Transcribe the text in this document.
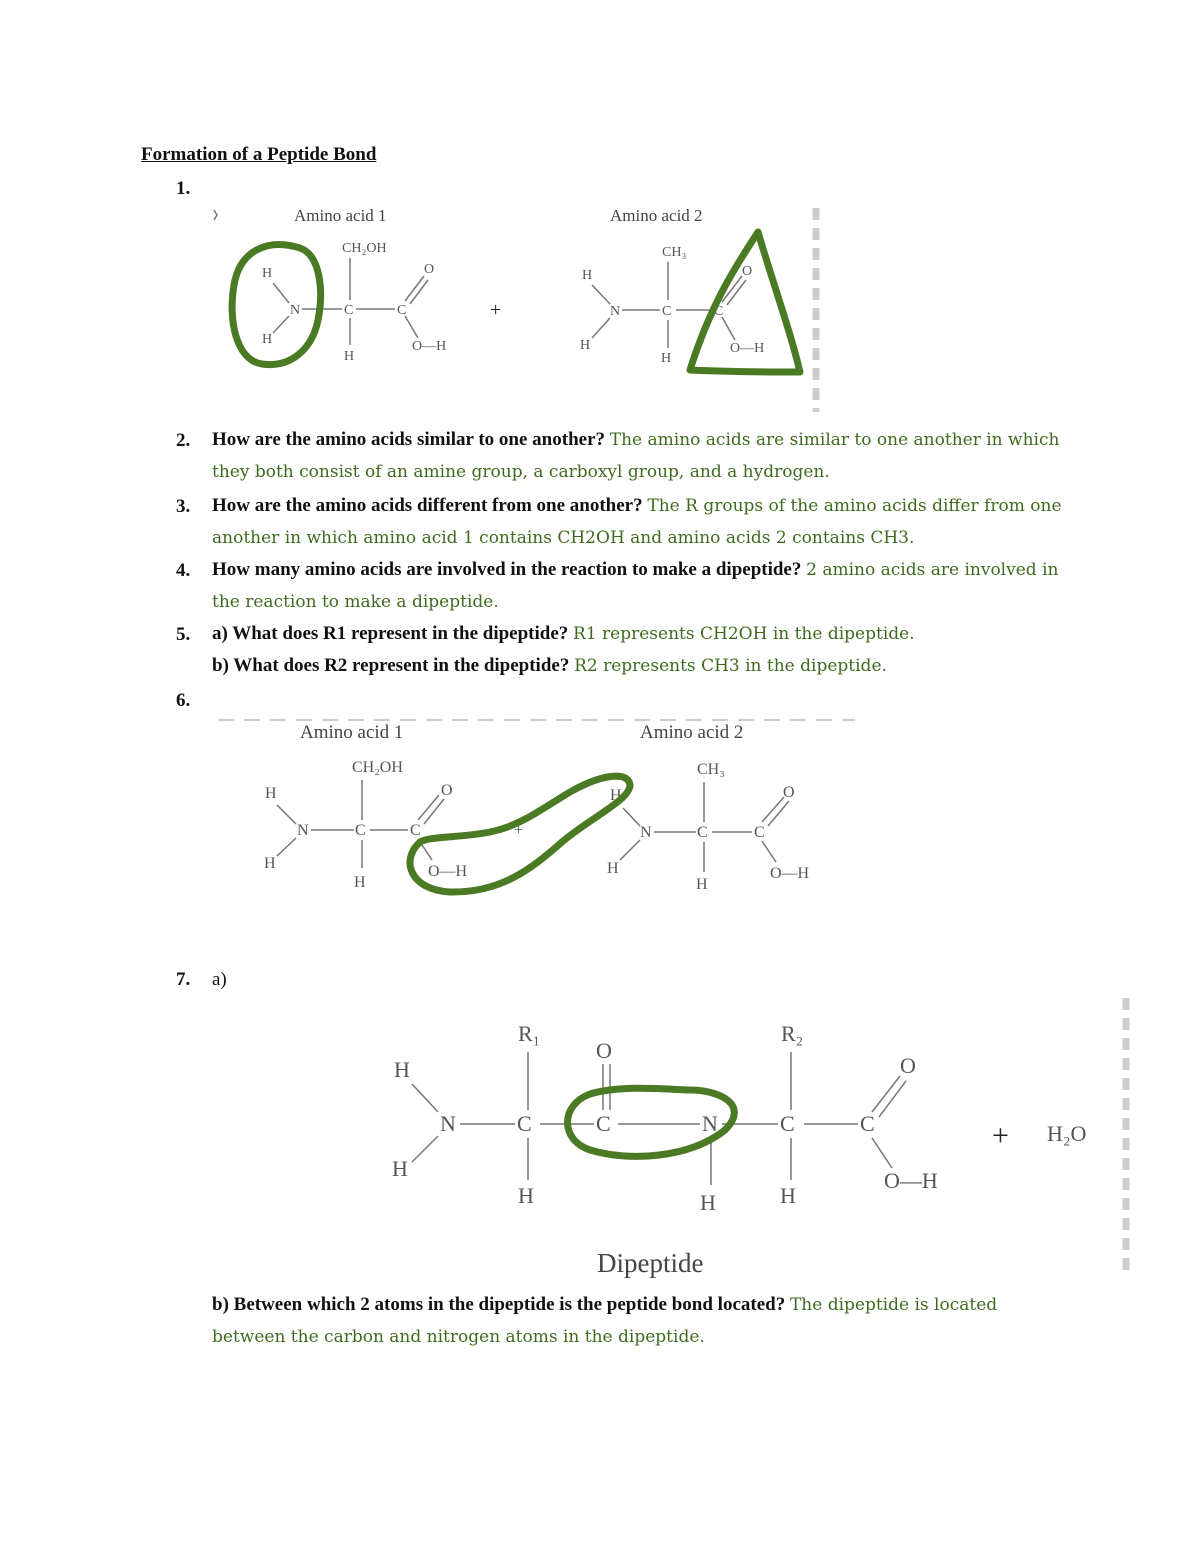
Formation of a Peptide Bond
1.
Amino acid 1	Amino acid 2
CH₂OH
H
H
N	C
H
C
O
O—H
+
CH₃
H
H
N	C
H
C
O
O—H
2. How are the amino acids similar to one another? The amino acids are similar to one another in which they both consist of an amine group, a carboxyl group, and a hydrogen.
3. How are the amino acids different from one another? The R groups of the amino acids differ from one another in which amino acid 1 contains CH2OH and amino acids 2 contains CH3.
4. How many amino acids are involved in the reaction to make a dipeptide? 2 amino acids are involved in the reaction to make a dipeptide.
5. a) What does R1 represent in the dipeptide? R1 represents CH2OH in the dipeptide.
b) What does R2 represent in the dipeptide? R2 represents CH3 in the dipeptide.
6.
Amino acid 1	Amino acid 2
CH₂OH
H
H
N	C
H
C
O
O—H
+
CH₃
H
H
N	C
H
C
O
O—H
7. a)
R₁	R₂
O
H
H
N	C
H
C	N
H
C
H
C
O
O—H
+ H₂O
Dipeptide
b) Between which 2 atoms in the dipeptide is the peptide bond located? The dipeptide is located between the carbon and nitrogen atoms in the dipeptide.
